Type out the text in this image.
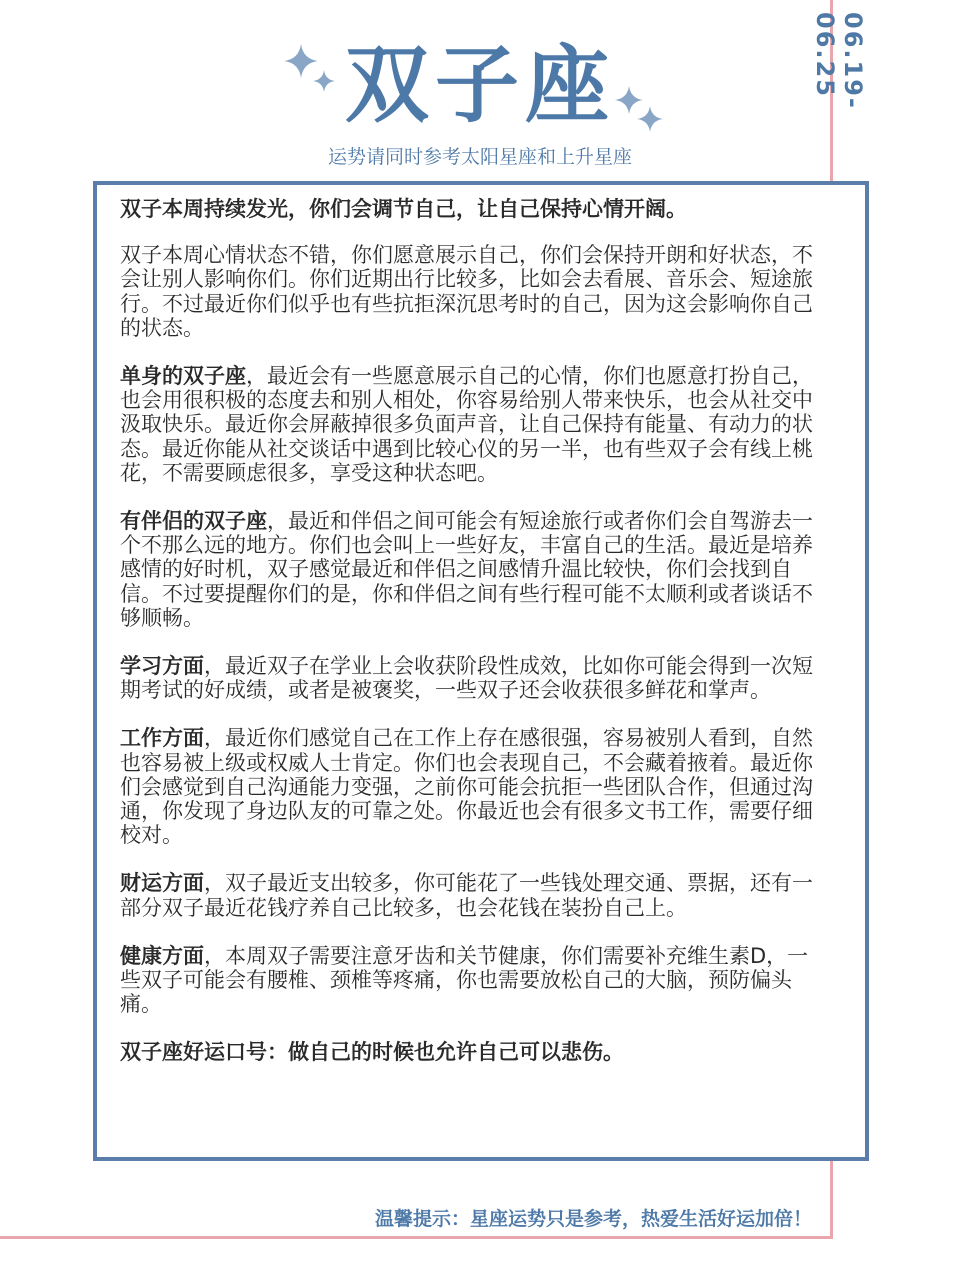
06.19-06.25
双子座
运势请同时参考太阳星座和上升星座

双子本周持续发光，你们会调节自己，让自己保持心情开阔。

双子本周心情状态不错，你们愿意展示自己，你们会保持开朗和好状态，不会让别人影响你们。你们近期出行比较多，比如会去看展、音乐会、短途旅行。不过最近你们似乎也有些抗拒深沉思考时的自己，因为这会影响你自己的状态。

单身的双子座，最近会有一些愿意展示自己的心情，你们也愿意打扮自己，也会用很积极的态度去和别人相处，你容易给别人带来快乐，也会从社交中汲取快乐。最近你会屏蔽掉很多负面声音，让自己保持有能量、有动力的状态。最近你能从社交谈话中遇到比较心仪的另一半，也有些双子会有线上桃花，不需要顾虑很多，享受这种状态吧。

有伴侣的双子座，最近和伴侣之间可能会有短途旅行或者你们会自驾游去一个不那么远的地方。你们也会叫上一些好友，丰富自己的生活。最近是培养感情的好时机，双子感觉最近和伴侣之间感情升温比较快，你们会找到自信。不过要提醒你们的是，你和伴侣之间有些行程可能不太顺利或者谈话不够顺畅。

学习方面，最近双子在学业上会收获阶段性成效，比如你可能会得到一次短期考试的好成绩，或者是被褒奖，一些双子还会收获很多鲜花和掌声。

工作方面，最近你们感觉自己在工作上存在感很强，容易被别人看到，自然也容易被上级或权威人士肯定。你们也会表现自己，不会藏着掖着。最近你们会感觉到自己沟通能力变强，之前你可能会抗拒一些团队合作，但通过沟通，你发现了身边队友的可靠之处。你最近也会有很多文书工作，需要仔细校对。

财运方面，双子最近支出较多，你可能花了一些钱处理交通、票据，还有一部分双子最近花钱疗养自己比较多，也会花钱在装扮自己上。

健康方面，本周双子需要注意牙齿和关节健康，你们需要补充维生素D，一些双子可能会有腰椎、颈椎等疼痛，你也需要放松自己的大脑，预防偏头痛。

双子座好运口号：做自己的时候也允许自己可以悲伤。

温馨提示：星座运势只是参考，热爱生活好运加倍！
